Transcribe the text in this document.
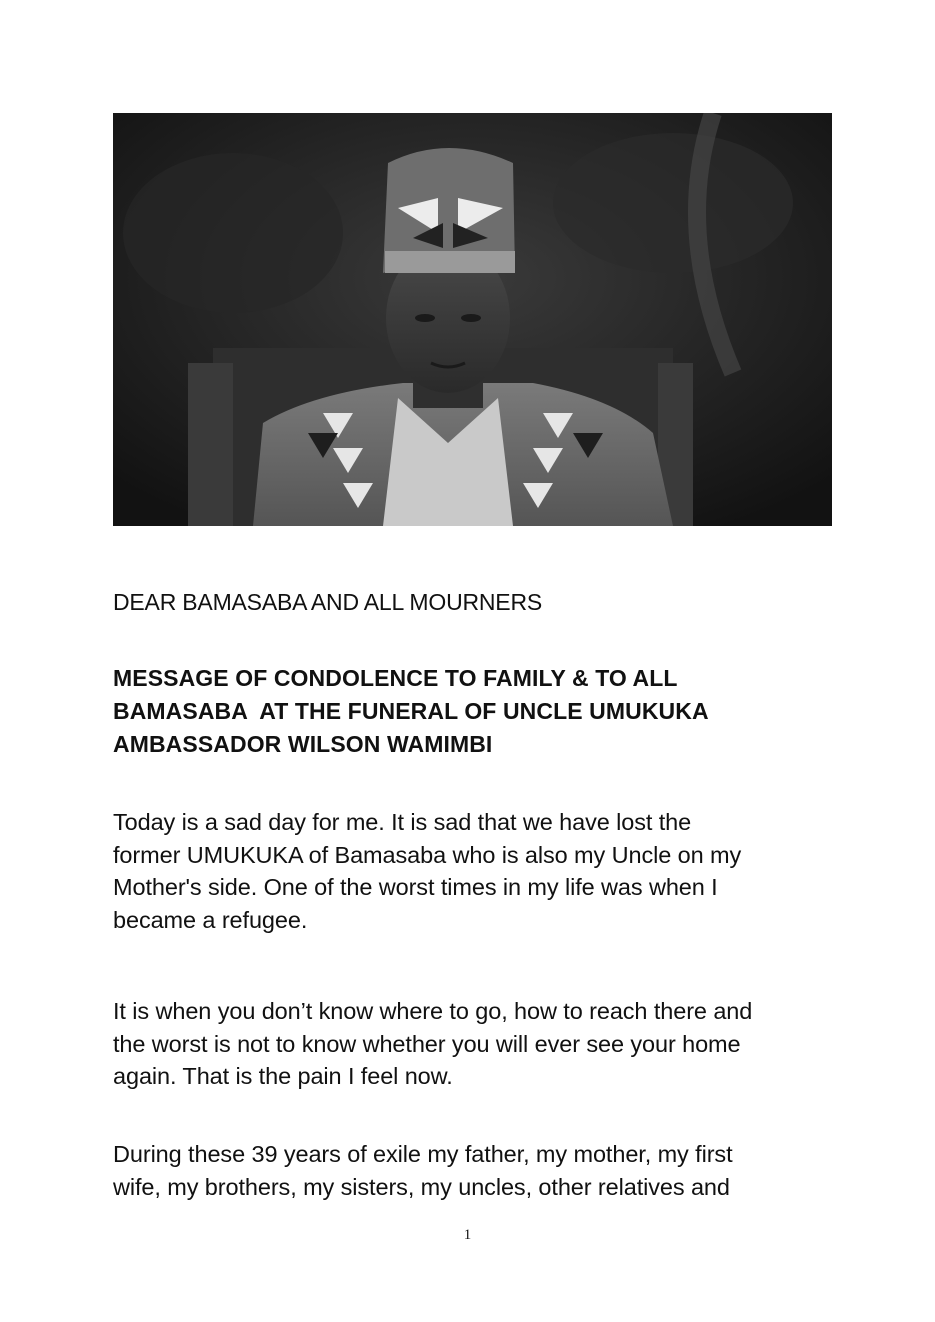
DEAR BAMASABA AND ALL MOURNERS

MESSAGE OF CONDOLENCE TO FAMILY & TO ALL
BAMASABA  AT THE FUNERAL OF UNCLE UMUKUKA
AMBASSADOR WILSON WAMIMBI

Today is a sad day for me. It is sad that we have lost the
former UMUKUKA of Bamasaba who is also my Uncle on my
Mother's side. One of the worst times in my life was when I
became a refugee.

It is when you don’t know where to go, how to reach there and
the worst is not to know whether you will ever see your home
again. That is the pain I feel now.

During these 39 years of exile my father, my mother, my first
wife, my brothers, my sisters, my uncles, other relatives and

1
